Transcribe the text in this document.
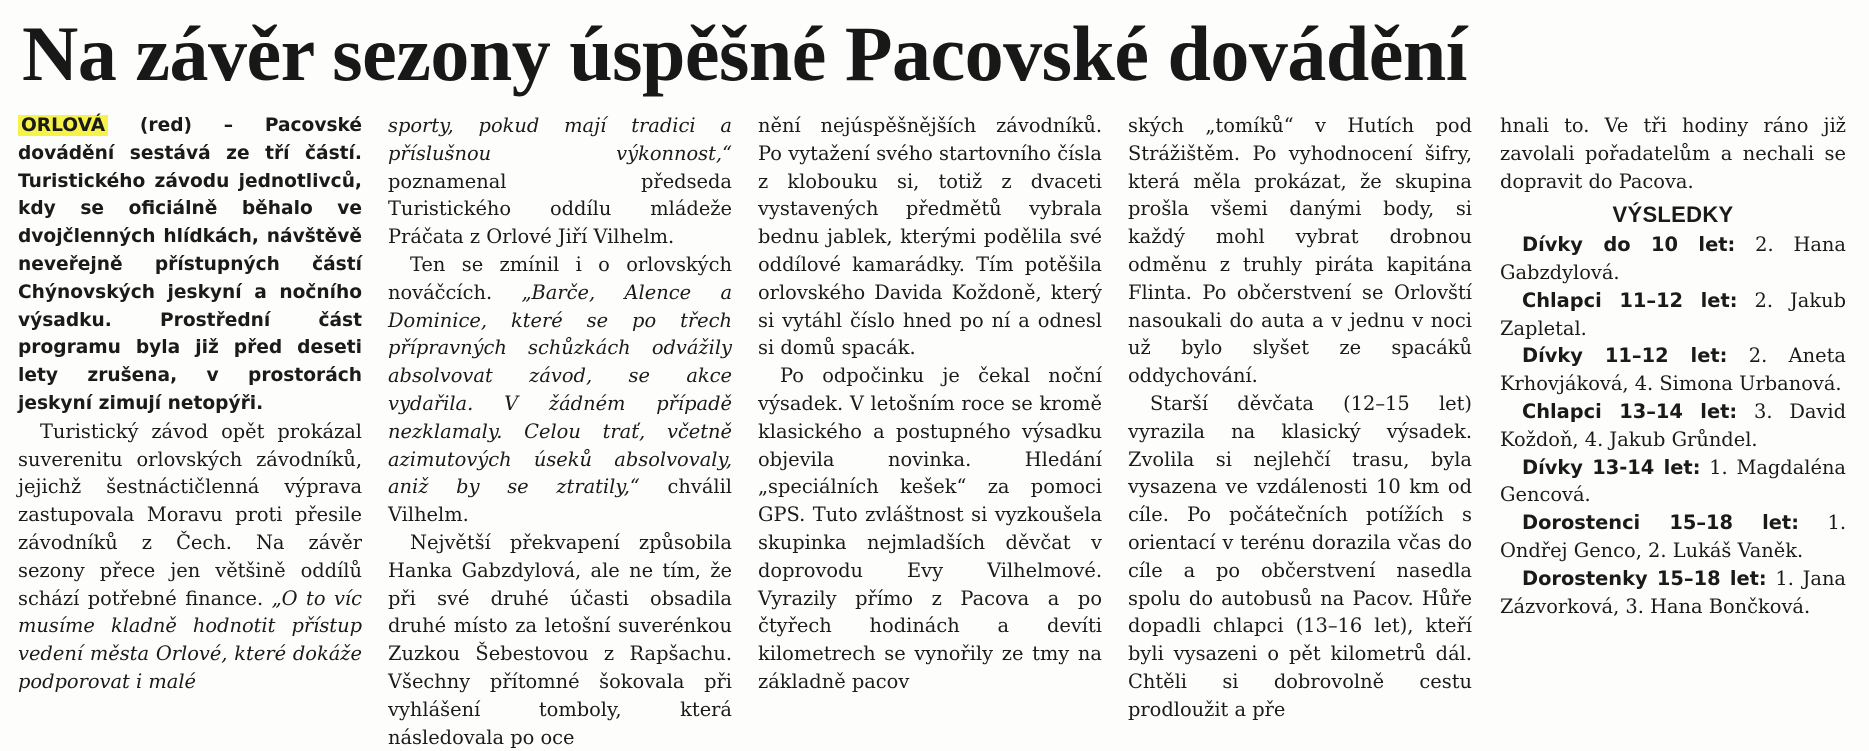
Na závěr sezony úspěšné Pacovské dovádění

ORLOVÁ (red) – Pacovské dovádění sestává ze tří částí. Turistického závodu jednotlivců, kdy se oficiálně běhalo ve dvojčlenných hlídkách, návštěvě neveřejně přístupných částí Chýnovských jeskyní a nočního výsadku. Prostřední část programu byla již před deseti lety zrušena, v prostorách jeskyní zimují netopýři.

Turistický závod opět prokázal suverenitu orlovských závodníků, jejichž šestnáctičlenná výprava zastupovala Moravu proti přesile závodníků z Čech. Na závěr sezony přece jen většině oddílů schází potřebné finance. „O to víc musíme kladně hodnotit přístup vedení města Orlové, které dokáže podporovat i malé

sporty, pokud mají tradici a příslušnou výkonnost,“ poznamenal předseda Turistického oddílu mládeže Práčata z Orlové Jiří Vilhelm.

Ten se zmínil i o orlovských nováčcích. „Barče, Alence a Dominice, které se po třech přípravných schůzkách odvážily absolvovat závod, se akce vydařila. V žádném případě nezklamaly. Celou trať, včetně azimutových úseků absolvovaly, aniž by se ztratily,“ chválil Vilhelm.

Největší překvapení způsobila Hanka Gabzdylová, ale ne tím, že při své druhé účasti obsadila druhé místo za letošní suverénkou Zuzkou Šebestovou z Rapšachu. Všechny přítomné šokovala při vyhlášení tomboly, která následovala po oce

nění nejúspěšnějších závodníků. Po vytažení svého startovního čísla z klobouku si, totiž z dvaceti vystavených předmětů vybrala bednu jablek, kterými podělila své oddílové kamarádky. Tím potěšila orlovského Davida Koždoně, který si vytáhl číslo hned po ní a odnesl si domů spacák.

Po odpočinku je čekal noční výsadek. V letošním roce se kromě klasického a postupného výsadku objevila novinka. Hledání „speciálních kešek“ za pomoci GPS. Tuto zvláštnost si vyzkoušela skupinka nejmladších děvčat v doprovodu Evy Vilhelmové. Vyrazily přímo z Pacova a po čtyřech hodinách a devíti kilometrech se vynořily ze tmy na základně pacov

ských „tomíků“ v Hutích pod Strážištěm. Po vyhodnocení šifry, která měla prokázat, že skupina prošla všemi danými body, si každý mohl vybrat drobnou odměnu z truhly piráta kapitána Flinta. Po občerstvení se Orlovští nasoukali do auta a v jednu v noci už bylo slyšet ze spacáků oddychování.

Starší děvčata (12–15 let) vyrazila na klasický výsadek. Zvolila si nejlehčí trasu, byla vysazena ve vzdálenosti 10 km od cíle. Po počátečních potížích s orientací v terénu dorazila včas do cíle a po občerstvení nasedla spolu do autobusů na Pacov. Hůře dopadli chlapci (13–16 let), kteří byli vysazeni o pět kilometrů dál. Chtěli si dobrovolně cestu prodloužit a pře

hnali to. Ve tři hodiny ráno již zavolali pořadatelům a nechali se dopravit do Pacova.

VÝSLEDKY

Dívky do 10 let: 2. Hana Gabzdylová.

Chlapci 11–12 let: 2. Jakub Zapletal.

Dívky 11–12 let: 2. Aneta Krhovjáková, 4. Simona Urbanová.

Chlapci 13–14 let: 3. David Koždoň, 4. Jakub Grůndel.

Dívky 13-14 let: 1. Magdaléna Gencová.

Dorostenci 15–18 let: 1. Ondřej Genco, 2. Lukáš Vaněk.

Dorostenky 15–18 let: 1. Jana Zázvorková, 3. Hana Bončková.
